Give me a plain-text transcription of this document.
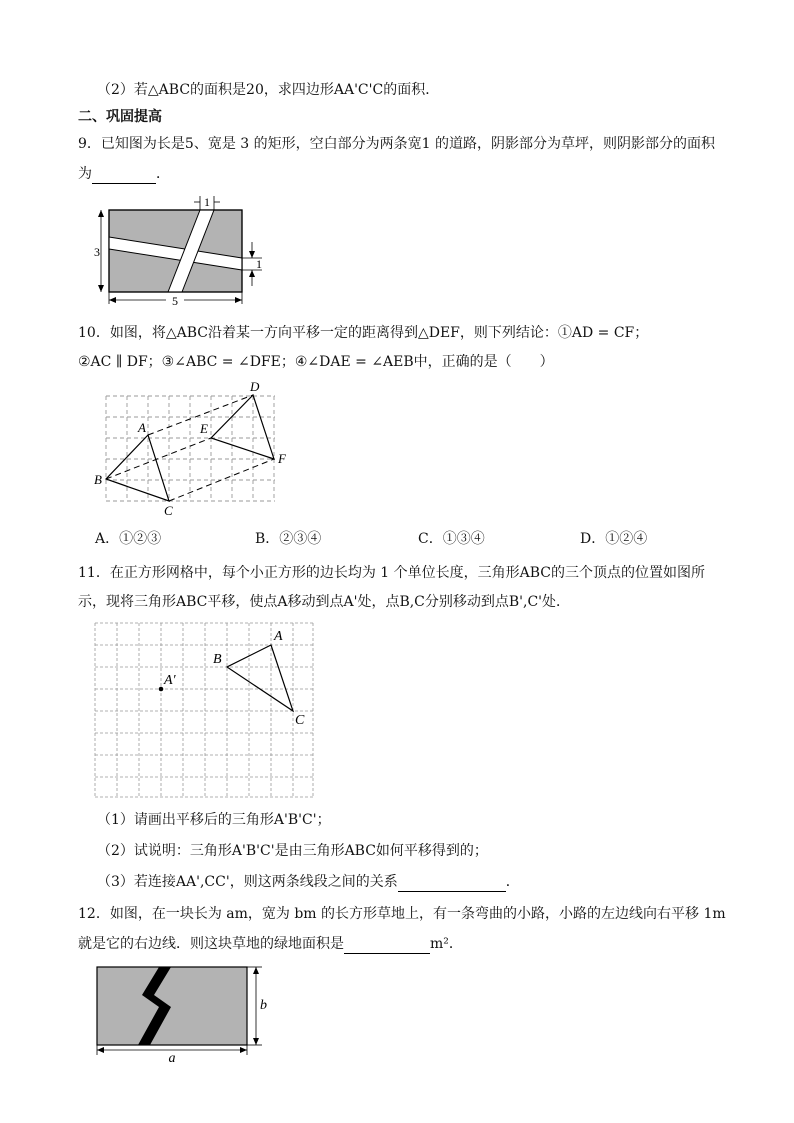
（2）若△ABC的面积是20，求四边形AA'C'C的面积．
二、巩固提高
9．已知图为长是5、宽是 3 的矩形，空白部分为两条宽1 的道路，阴影部分为草坪，则阴影部分的面积
为	．
1
3
1
5
10．如图，将△ABC沿着某一方向平移一定的距离得到△DEF，则下列结论：①AD = CF；
②AC ∥ DF；③∠ABC = ∠DFE；④∠DAE = ∠AEB中，正确的是（　　）
A
B
C
D
E
F
A．①②③	B．②③④	C．①③④	D．①②④
11．在正方形网格中，每个小正方形的边长均为 1 个单位长度，三角形ABC的三个顶点的位置如图所
示，现将三角形ABC平移，使点A移动到点A'处，点B,C分别移动到点B',C'处．
A
B
C
A′
（1）请画出平移后的三角形A'B'C'；
（2）试说明：三角形A'B'C'是由三角形ABC如何平移得到的；
（3）若连接AA',CC'，则这两条线段之间的关系	．
12．如图，在一块长为 am，宽为 bm 的长方形草地上，有一条弯曲的小路，小路的左边线向右平移 1m
就是它的右边线．则这块草地的绿地面积是	m²．
b
a
